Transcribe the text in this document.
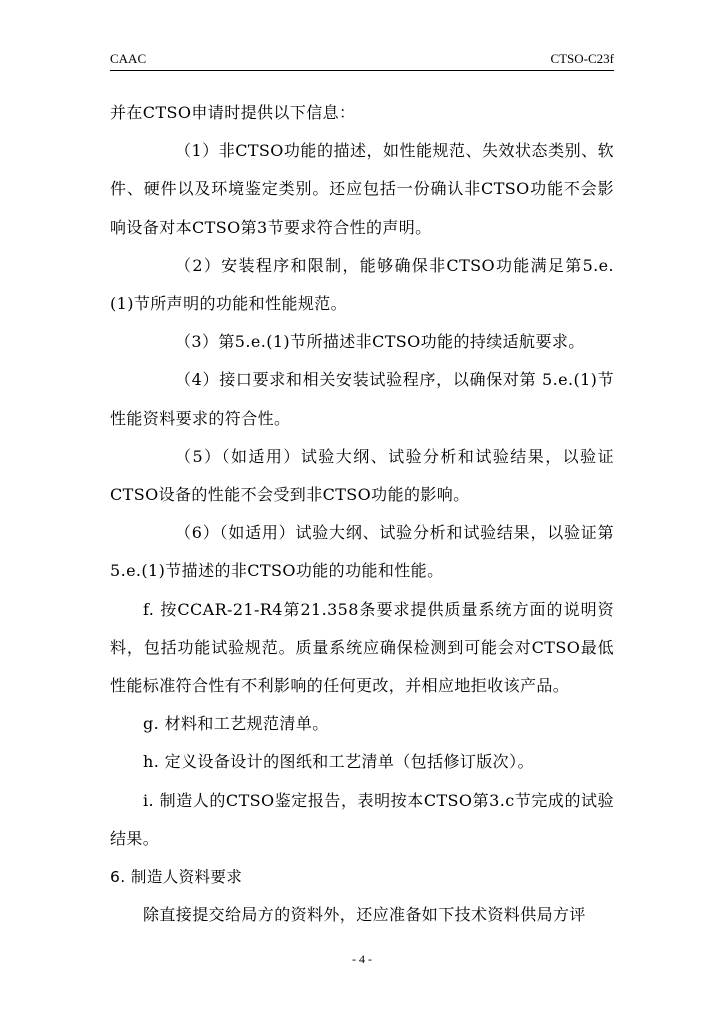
CAAC	CTSO-C23f

并在CTSO申请时提供以下信息：

（1）非CTSO功能的描述，如性能规范、失效状态类别、软件、硬件以及环境鉴定类别。还应包括一份确认非CTSO功能不会影响设备对本CTSO第3节要求符合性的声明。

（2）安装程序和限制，能够确保非CTSO功能满足第5.e.(1)节所声明的功能和性能规范。

（3）第5.e.(1)节所描述非CTSO功能的持续适航要求。

（4）接口要求和相关安装试验程序，以确保对第 5.e.(1)节性能资料要求的符合性。

（5）（如适用）试验大纲、试验分析和试验结果，以验证CTSO设备的性能不会受到非CTSO功能的影响。

（6）（如适用）试验大纲、试验分析和试验结果，以验证第5.e.(1)节描述的非CTSO功能的功能和性能。

f. 按CCAR-21-R4第21.358条要求提供质量系统方面的说明资料，包括功能试验规范。质量系统应确保检测到可能会对CTSO最低性能标准符合性有不利影响的任何更改，并相应地拒收该产品。

g. 材料和工艺规范清单。

h. 定义设备设计的图纸和工艺清单（包括修订版次）。

i. 制造人的CTSO鉴定报告，表明按本CTSO第3.c节完成的试验结果。

6. 制造人资料要求

除直接提交给局方的资料外，还应准备如下技术资料供局方评

- 4 -
